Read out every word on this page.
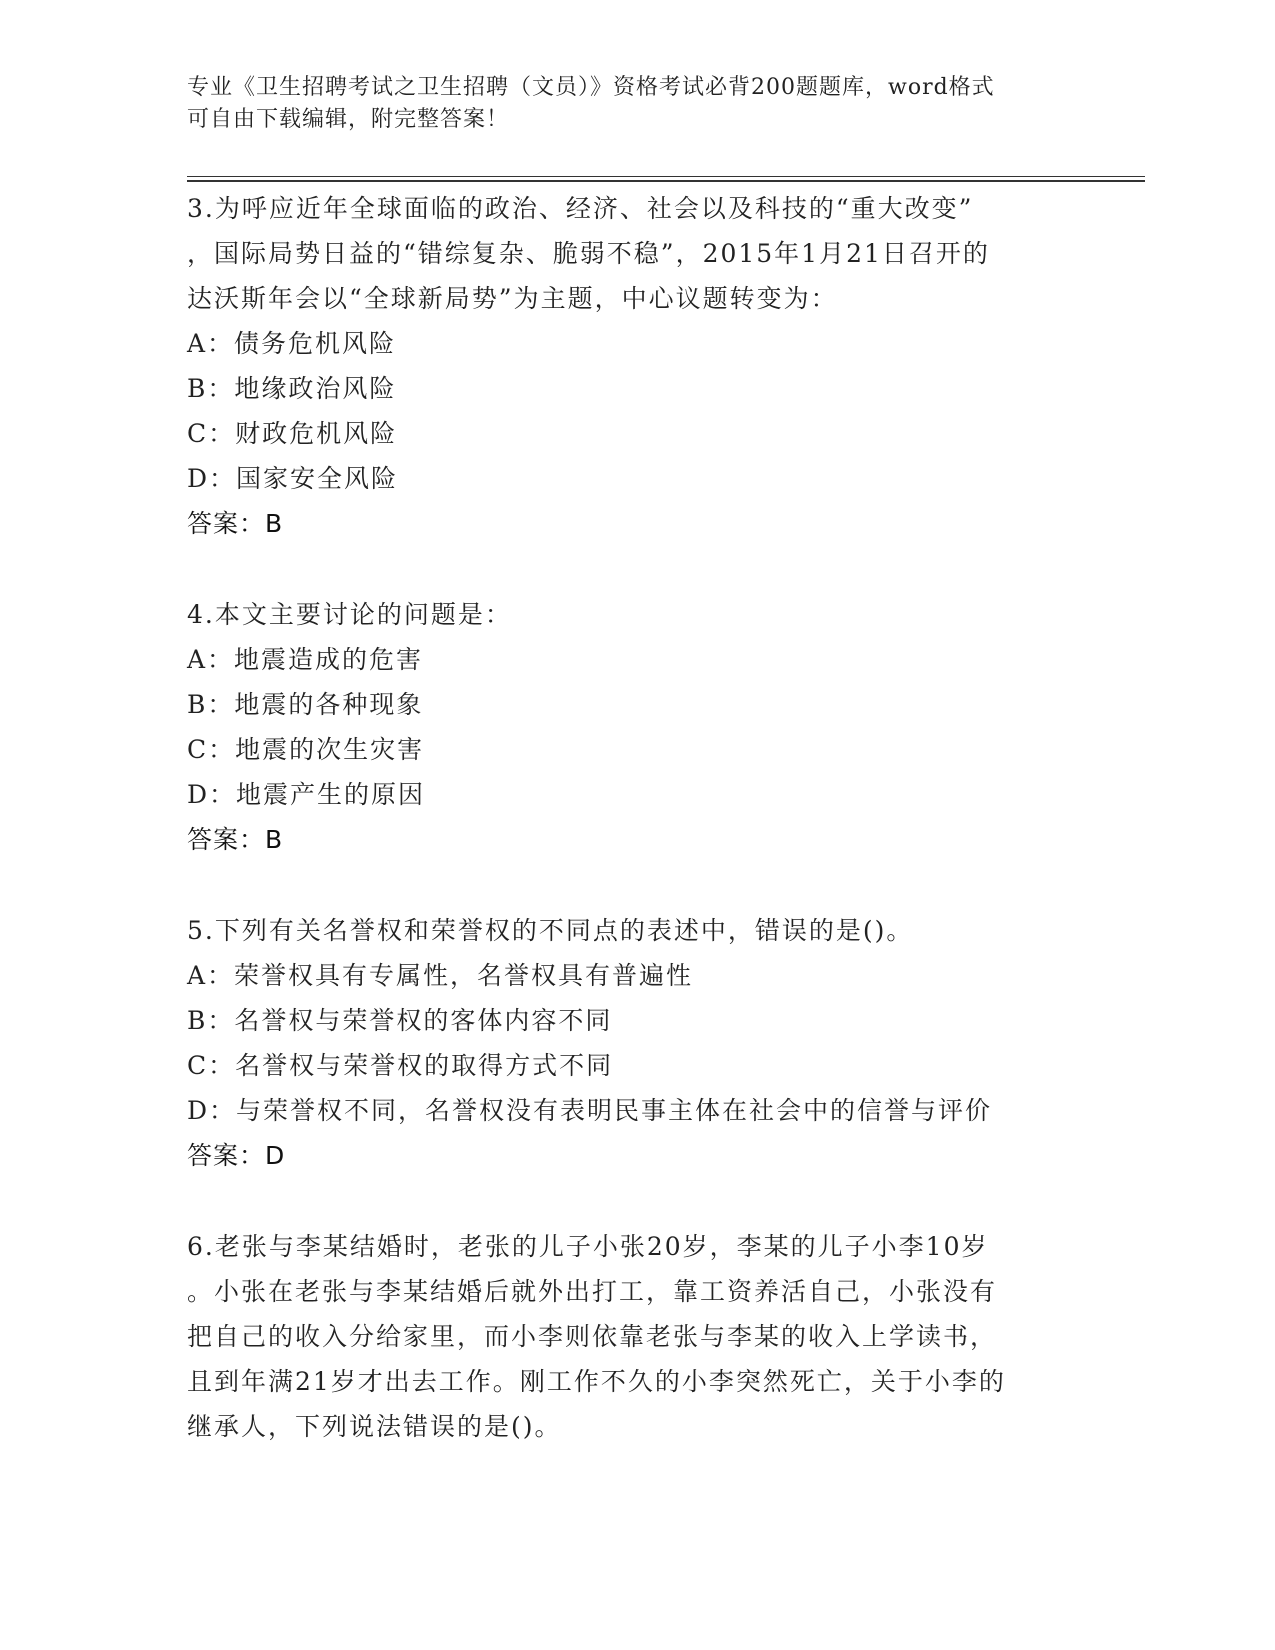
专业《卫生招聘考试之卫生招聘（文员）》资格考试必背200题题库，word格式
可自由下载编辑，附完整答案！
3.为呼应近年全球面临的政治、经济、社会以及科技的“重大改变”
，国际局势日益的“错综复杂、脆弱不稳”，2015年1月21日召开的
达沃斯年会以“全球新局势”为主题，中心议题转变为：
A：债务危机风险
B：地缘政治风险
C：财政危机风险
D：国家安全风险
答案：B
4.本文主要讨论的问题是：
A：地震造成的危害
B：地震的各种现象
C：地震的次生灾害
D：地震产生的原因
答案：B
5.下列有关名誉权和荣誉权的不同点的表述中，错误的是()。
A：荣誉权具有专属性，名誉权具有普遍性
B：名誉权与荣誉权的客体内容不同
C：名誉权与荣誉权的取得方式不同
D：与荣誉权不同，名誉权没有表明民事主体在社会中的信誉与评价
答案：D
6.老张与李某结婚时，老张的儿子小张20岁，李某的儿子小李10岁
。小张在老张与李某结婚后就外出打工，靠工资养活自己，小张没有
把自己的收入分给家里，而小李则依靠老张与李某的收入上学读书，
且到年满21岁才出去工作。刚工作不久的小李突然死亡，关于小李的
继承人，下列说法错误的是()。
